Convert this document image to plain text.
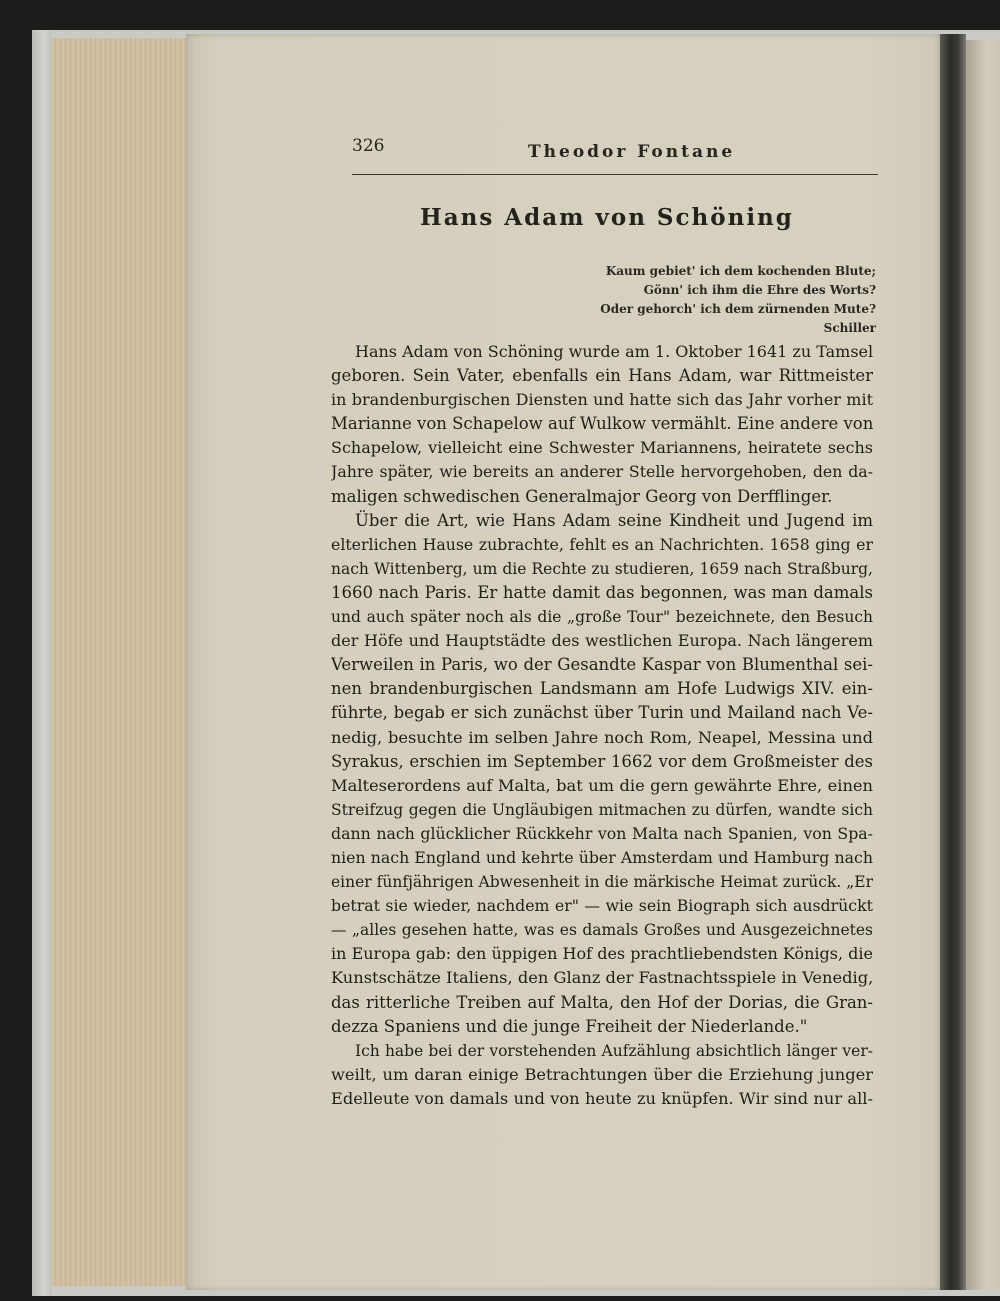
326	Theodor Fontane
Hans Adam von Schöning
Kaum gebiet' ich dem kochenden Blute;
Gönn' ich ihm die Ehre des Worts?
Oder gehorch' ich dem zürnenden Mute?
Schiller
Hans Adam von Schöning wurde am 1. Oktober 1641 zu Tamsel
geboren. Sein Vater, ebenfalls ein Hans Adam, war Rittmeister
in brandenburgischen Diensten und hatte sich das Jahr vorher mit
Marianne von Schapelow auf Wulkow vermählt. Eine andere von
Schapelow, vielleicht eine Schwester Mariannens, heiratete sechs
Jahre später, wie bereits an anderer Stelle hervorgehoben, den da-
maligen schwedischen Generalmajor Georg von Derfflinger.
Über die Art, wie Hans Adam seine Kindheit und Jugend im
elterlichen Hause zubrachte, fehlt es an Nachrichten. 1658 ging er
nach Wittenberg, um die Rechte zu studieren, 1659 nach Straßburg,
1660 nach Paris. Er hatte damit das begonnen, was man damals
und auch später noch als die „große Tour" bezeichnete, den Besuch
der Höfe und Hauptstädte des westlichen Europa. Nach längerem
Verweilen in Paris, wo der Gesandte Kaspar von Blumenthal sei-
nen brandenburgischen Landsmann am Hofe Ludwigs XIV. ein-
führte, begab er sich zunächst über Turin und Mailand nach Ve-
nedig, besuchte im selben Jahre noch Rom, Neapel, Messina und
Syrakus, erschien im September 1662 vor dem Großmeister des
Malteserordens auf Malta, bat um die gern gewährte Ehre, einen
Streifzug gegen die Ungläubigen mitmachen zu dürfen, wandte sich
dann nach glücklicher Rückkehr von Malta nach Spanien, von Spa-
nien nach England und kehrte über Amsterdam und Hamburg nach
einer fünfjährigen Abwesenheit in die märkische Heimat zurück. „Er
betrat sie wieder, nachdem er" — wie sein Biograph sich ausdrückt
— „alles gesehen hatte, was es damals Großes und Ausgezeichnetes
in Europa gab: den üppigen Hof des prachtliebendsten Königs, die
Kunstschätze Italiens, den Glanz der Fastnachtsspiele in Venedig,
das ritterliche Treiben auf Malta, den Hof der Dorias, die Gran-
dezza Spaniens und die junge Freiheit der Niederlande."
Ich habe bei der vorstehenden Aufzählung absichtlich länger ver-
weilt, um daran einige Betrachtungen über die Erziehung junger
Edelleute von damals und von heute zu knüpfen. Wir sind nur all-
